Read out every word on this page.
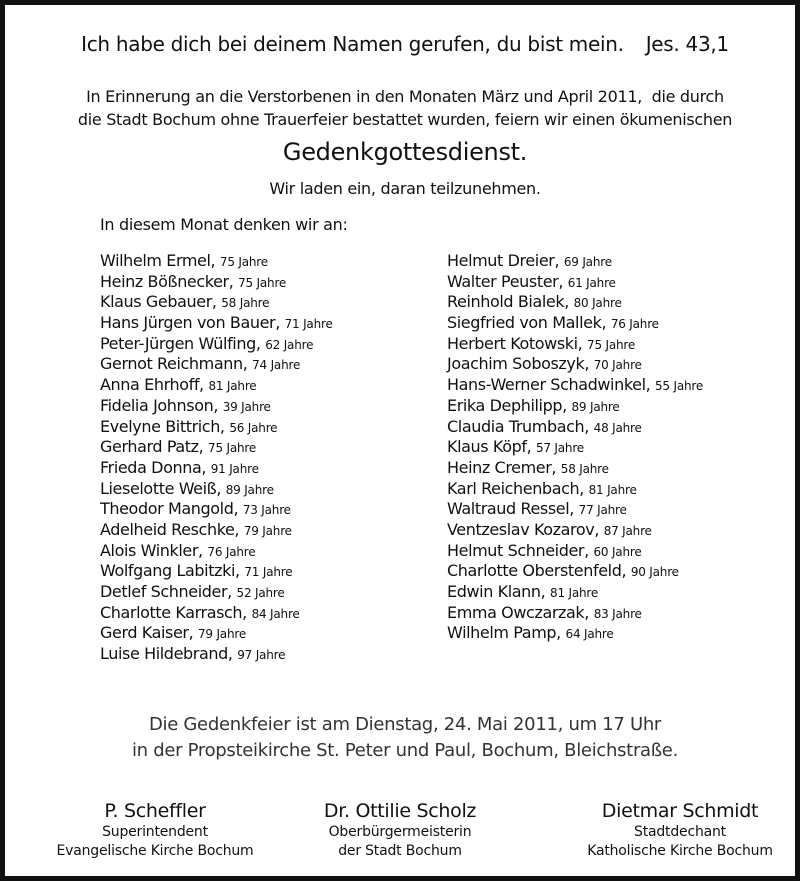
Ich habe dich bei deinem Namen gerufen, du bist mein. Jes. 43,1
In Erinnerung an die Verstorbenen in den Monaten März und April 2011,  die durch
die Stadt Bochum ohne Trauerfeier bestattet wurden, feiern wir einen ökumenischen
Gedenkgottesdienst.
Wir laden ein, daran teilzunehmen.
In diesem Monat denken wir an:
Wilhelm Ermel, 75 Jahre
Heinz Bößnecker, 75 Jahre
Klaus Gebauer, 58 Jahre
Hans Jürgen von Bauer, 71 Jahre
Peter-Jürgen Wülfing, 62 Jahre
Gernot Reichmann, 74 Jahre
Anna Ehrhoff, 81 Jahre
Fidelia Johnson, 39 Jahre
Evelyne Bittrich, 56 Jahre
Gerhard Patz, 75 Jahre
Frieda Donna, 91 Jahre
Lieselotte Weiß, 89 Jahre
Theodor Mangold, 73 Jahre
Adelheid Reschke, 79 Jahre
Alois Winkler, 76 Jahre
Wolfgang Labitzki, 71 Jahre
Detlef Schneider, 52 Jahre
Charlotte Karrasch, 84 Jahre
Gerd Kaiser, 79 Jahre
Luise Hildebrand, 97 Jahre
Helmut Dreier, 69 Jahre
Walter Peuster, 61 Jahre
Reinhold Bialek, 80 Jahre
Siegfried von Mallek, 76 Jahre
Herbert Kotowski, 75 Jahre
Joachim Soboszyk, 70 Jahre
Hans-Werner Schadwinkel, 55 Jahre
Erika Dephilipp, 89 Jahre
Claudia Trumbach, 48 Jahre
Klaus Köpf, 57 Jahre
Heinz Cremer, 58 Jahre
Karl Reichenbach, 81 Jahre
Waltraud Ressel, 77 Jahre
Ventzeslav Kozarov, 87 Jahre
Helmut Schneider, 60 Jahre
Charlotte Oberstenfeld, 90 Jahre
Edwin Klann, 81 Jahre
Emma Owczarzak, 83 Jahre
Wilhelm Pamp, 64 Jahre
Die Gedenkfeier ist am Dienstag, 24. Mai 2011, um 17 Uhr
in der Propsteikirche St. Peter und Paul, Bochum, Bleichstraße.
P. Scheffler
Superintendent
Evangelische Kirche Bochum
Dr. Ottilie Scholz
Oberbürgermeisterin
der Stadt Bochum
Dietmar Schmidt
Stadtdechant
Katholische Kirche Bochum
